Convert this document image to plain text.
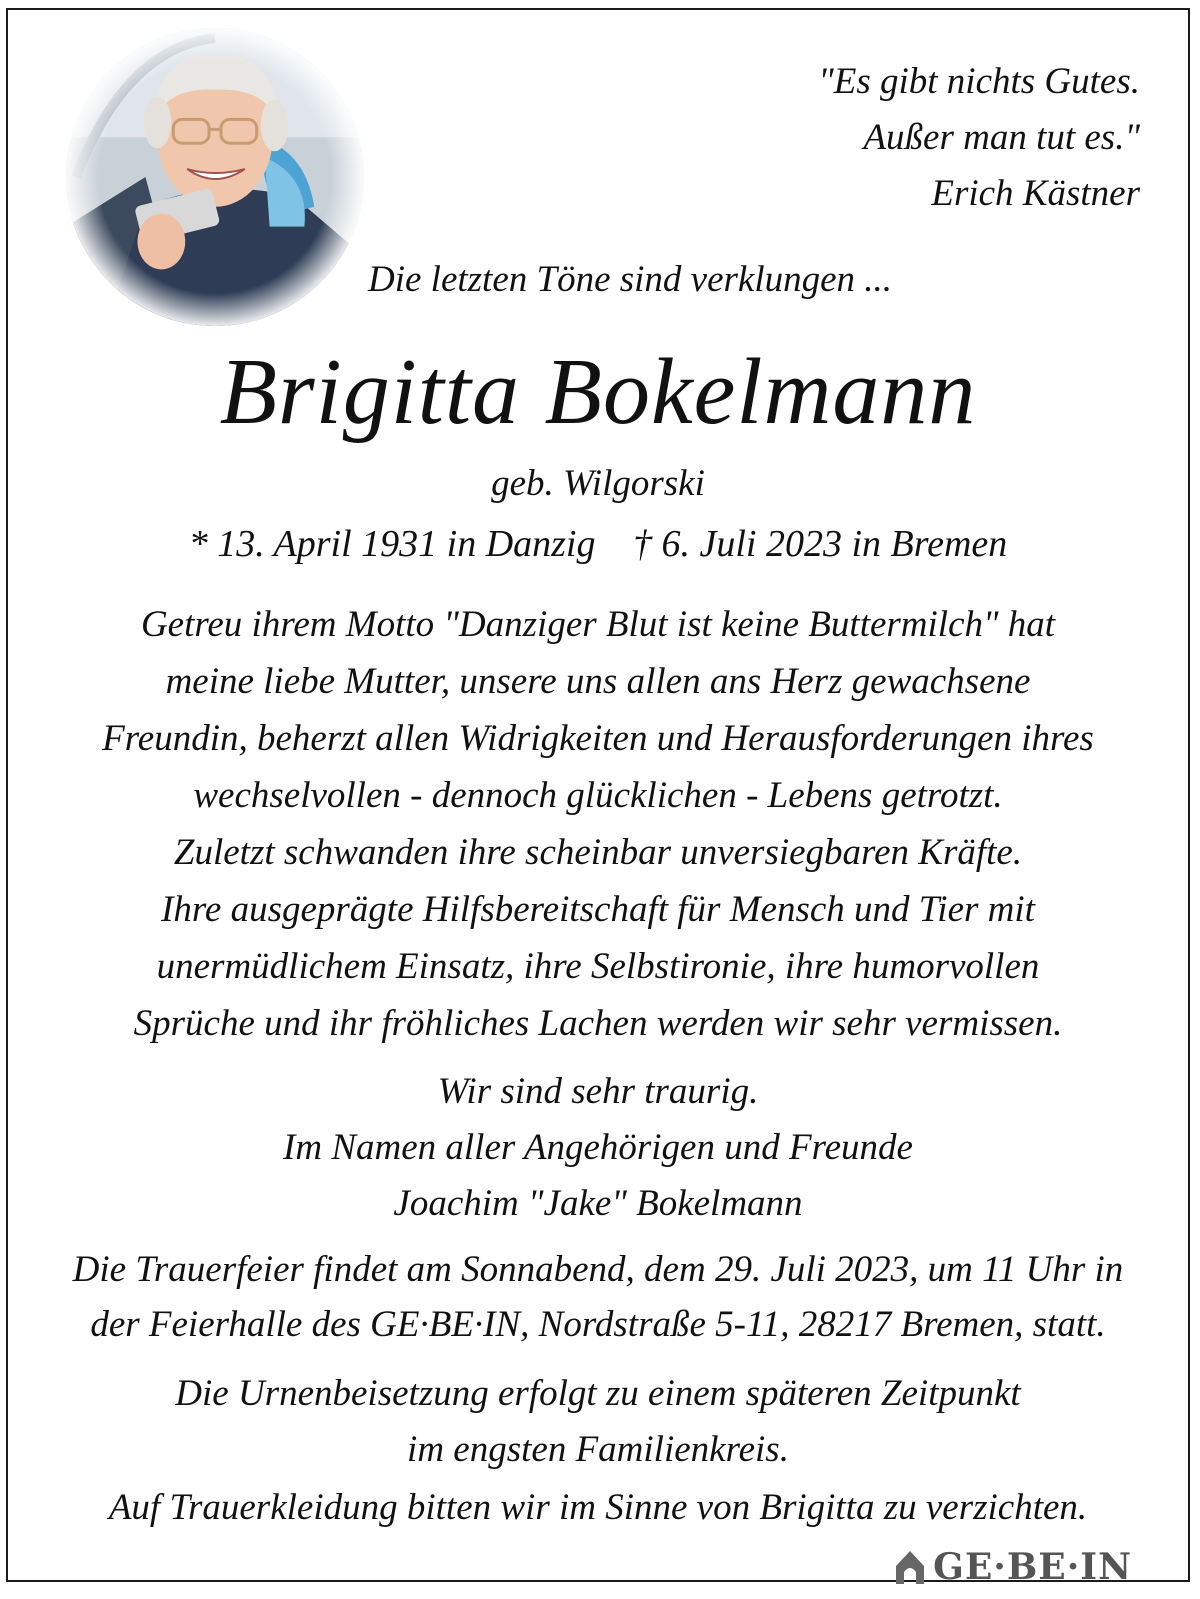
"Es gibt nichts Gutes.
Außer man tut es."
Erich Kästner
Die letzten Töne sind verklungen ...
Brigitta Bokelmann
geb. Wilgorski
* 13. April 1931 in Danzig † 6. Juli 2023 in Bremen
Getreu ihrem Motto "Danziger Blut ist keine Buttermilch" hat
meine liebe Mutter, unsere uns allen ans Herz gewachsene
Freundin, beherzt allen Widrigkeiten und Herausforderungen ihres
wechselvollen - dennoch glücklichen - Lebens getrotzt.
Zuletzt schwanden ihre scheinbar unversiegbaren Kräfte.
Ihre ausgeprägte Hilfsbereitschaft für Mensch und Tier mit
unermüdlichem Einsatz, ihre Selbstironie, ihre humorvollen
Sprüche und ihr fröhliches Lachen werden wir sehr vermissen.
Wir sind sehr traurig.
Im Namen aller Angehörigen und Freunde
Joachim "Jake" Bokelmann
Die Trauerfeier findet am Sonnabend, dem 29. Juli 2023, um 11 Uhr in
der Feierhalle des GE·BE·IN, Nordstraße 5-11, 28217 Bremen, statt.
Die Urnenbeisetzung erfolgt zu einem späteren Zeitpunkt
im engsten Familienkreis.
Auf Trauerkleidung bitten wir im Sinne von Brigitta zu verzichten.
GE·BE·IN
